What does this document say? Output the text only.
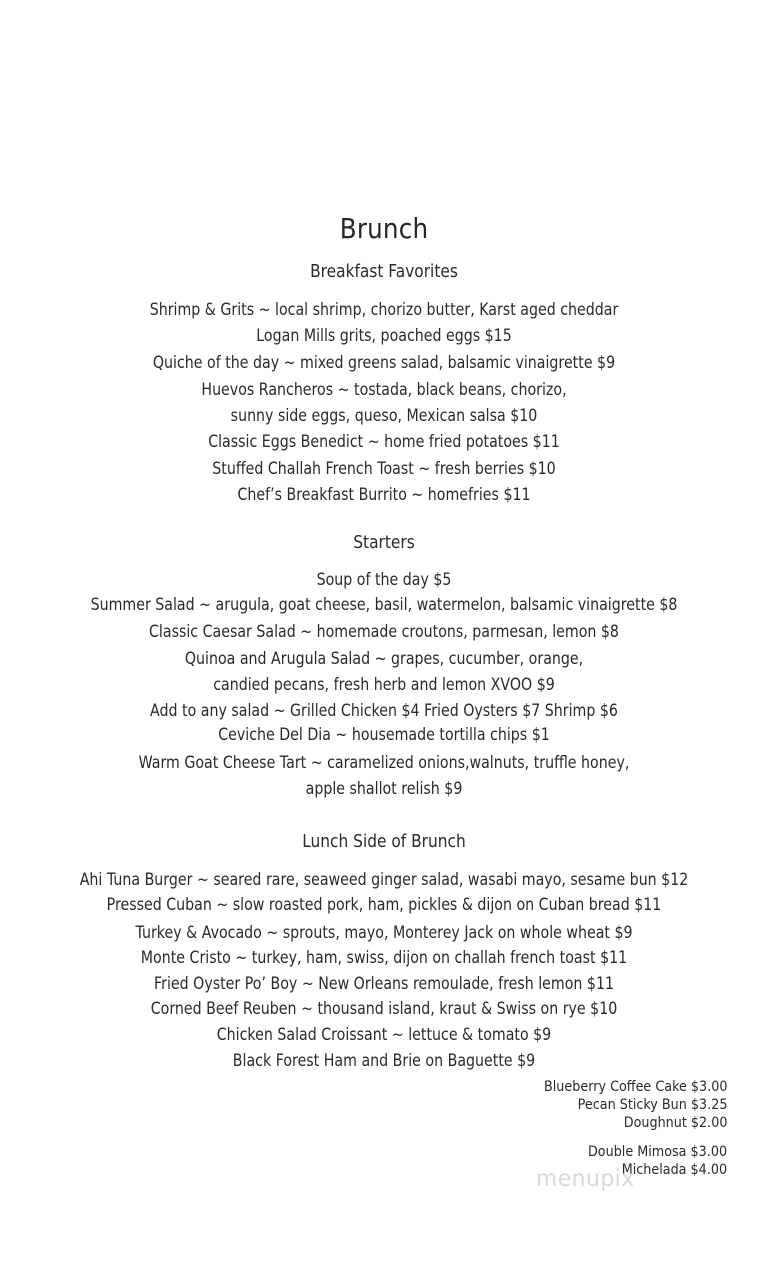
Brunch
Breakfast Favorites
Shrimp & Grits ~ local shrimp, chorizo butter, Karst aged cheddar
Logan Mills grits, poached eggs $15
Quiche of the day ~ mixed greens salad, balsamic vinaigrette $9
Huevos Rancheros ~ tostada, black beans, chorizo,
sunny side eggs, queso, Mexican salsa $10
Classic Eggs Benedict ~ home fried potatoes $11
Stuffed Challah French Toast ~ fresh berries $10
Chef’s Breakfast Burrito ~ homefries $11
Starters
Soup of the day $5
Summer Salad ~ arugula, goat cheese, basil, watermelon, balsamic vinaigrette $8
Classic Caesar Salad ~ homemade croutons, parmesan, lemon $8
Quinoa and Arugula Salad ~ grapes, cucumber, orange,
candied pecans, fresh herb and lemon XVOO $9
Add to any salad ~ Grilled Chicken $4 Fried Oysters $7 Shrimp $6
Ceviche Del Dia ~ housemade tortilla chips $1
Warm Goat Cheese Tart ~ caramelized onions,walnuts, truffle honey,
apple shallot relish $9
Lunch Side of Brunch
Ahi Tuna Burger ~ seared rare, seaweed ginger salad, wasabi mayo, sesame bun $12
Pressed Cuban ~ slow roasted pork, ham, pickles & dijon on Cuban bread $11
Turkey & Avocado ~ sprouts, mayo, Monterey Jack on whole wheat $9
Monte Cristo ~ turkey, ham, swiss, dijon on challah french toast $11
Fried Oyster Po’ Boy ~ New Orleans remoulade, fresh lemon $11
Corned Beef Reuben ~ thousand island, kraut & Swiss on rye $10
Chicken Salad Croissant ~ lettuce & tomato $9
Black Forest Ham and Brie on Baguette $9
Blueberry Coffee Cake $3.00
Pecan Sticky Bun $3.25
Doughnut $2.00
Double Mimosa $3.00
Michelada $4.00
menupix
